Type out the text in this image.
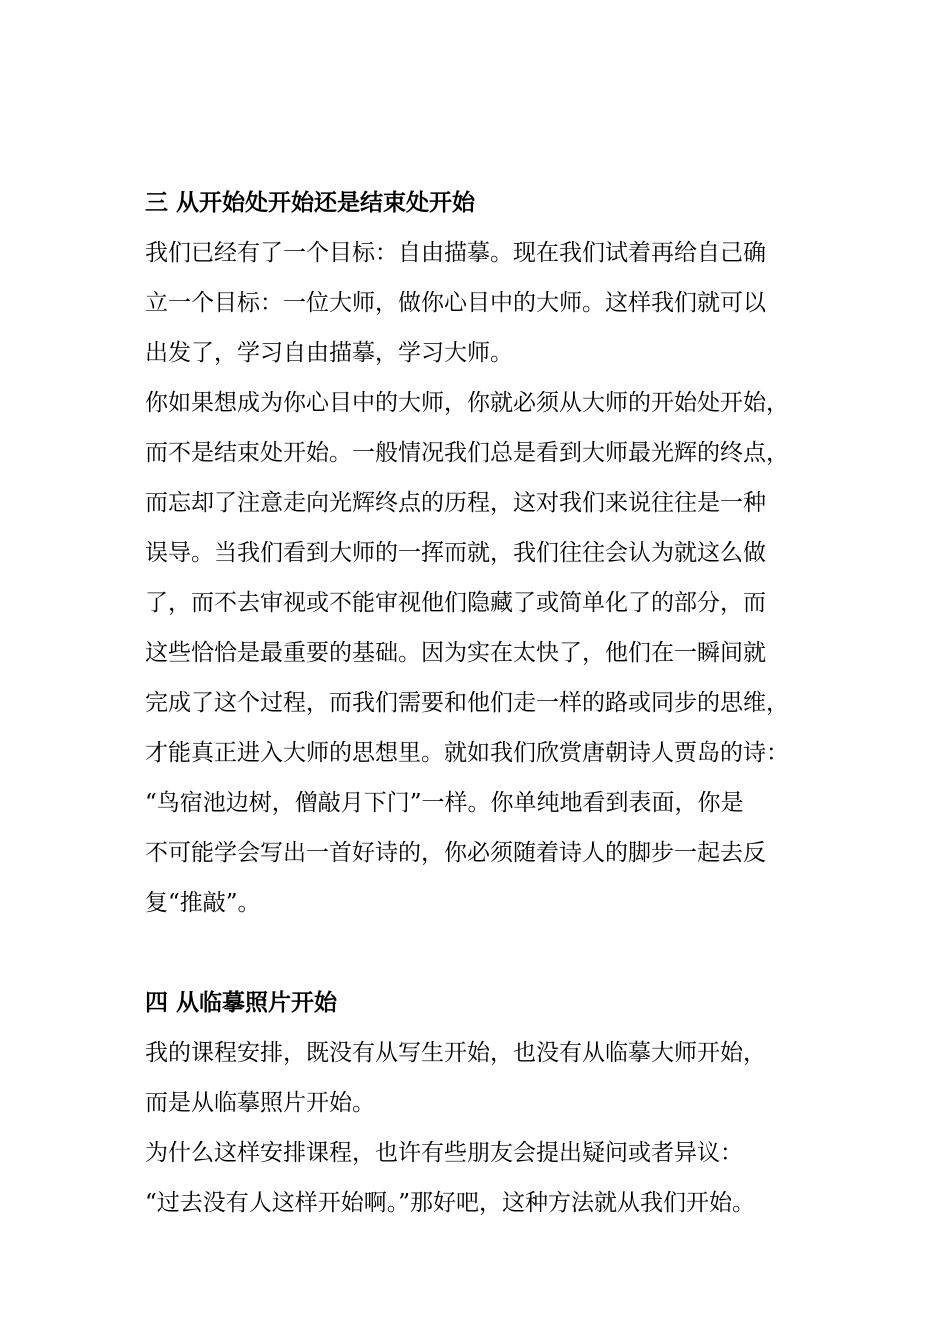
三 从开始处开始还是结束处开始

我们已经有了一个目标：自由描摹。现在我们试着再给自己确
立一个目标：一位大师，做你心目中的大师。这样我们就可以
出发了，学习自由描摹，学习大师。

你如果想成为你心目中的大师，你就必须从大师的开始处开始，
而不是结束处开始。一般情况我们总是看到大师最光辉的终点，
而忘却了注意走向光辉终点的历程，这对我们来说往往是一种
误导。当我们看到大师的一挥而就，我们往往会认为就这么做
了，而不去审视或不能审视他们隐藏了或简单化了的部分，而
这些恰恰是最重要的基础。因为实在太快了，他们在一瞬间就
完成了这个过程，而我们需要和他们走一样的路或同步的思维，
才能真正进入大师的思想里。就如我们欣赏唐朝诗人贾岛的诗：
“鸟宿池边树，僧敲月下门”一样。你单纯地看到表面，你是
不可能学会写出一首好诗的，你必须随着诗人的脚步一起去反
复“推敲”。

四 从临摹照片开始

我的课程安排，既没有从写生开始，也没有从临摹大师开始，
而是从临摹照片开始。

为什么这样安排课程，也许有些朋友会提出疑问或者异议：
“过去没有人这样开始啊。”那好吧，这种方法就从我们开始。
